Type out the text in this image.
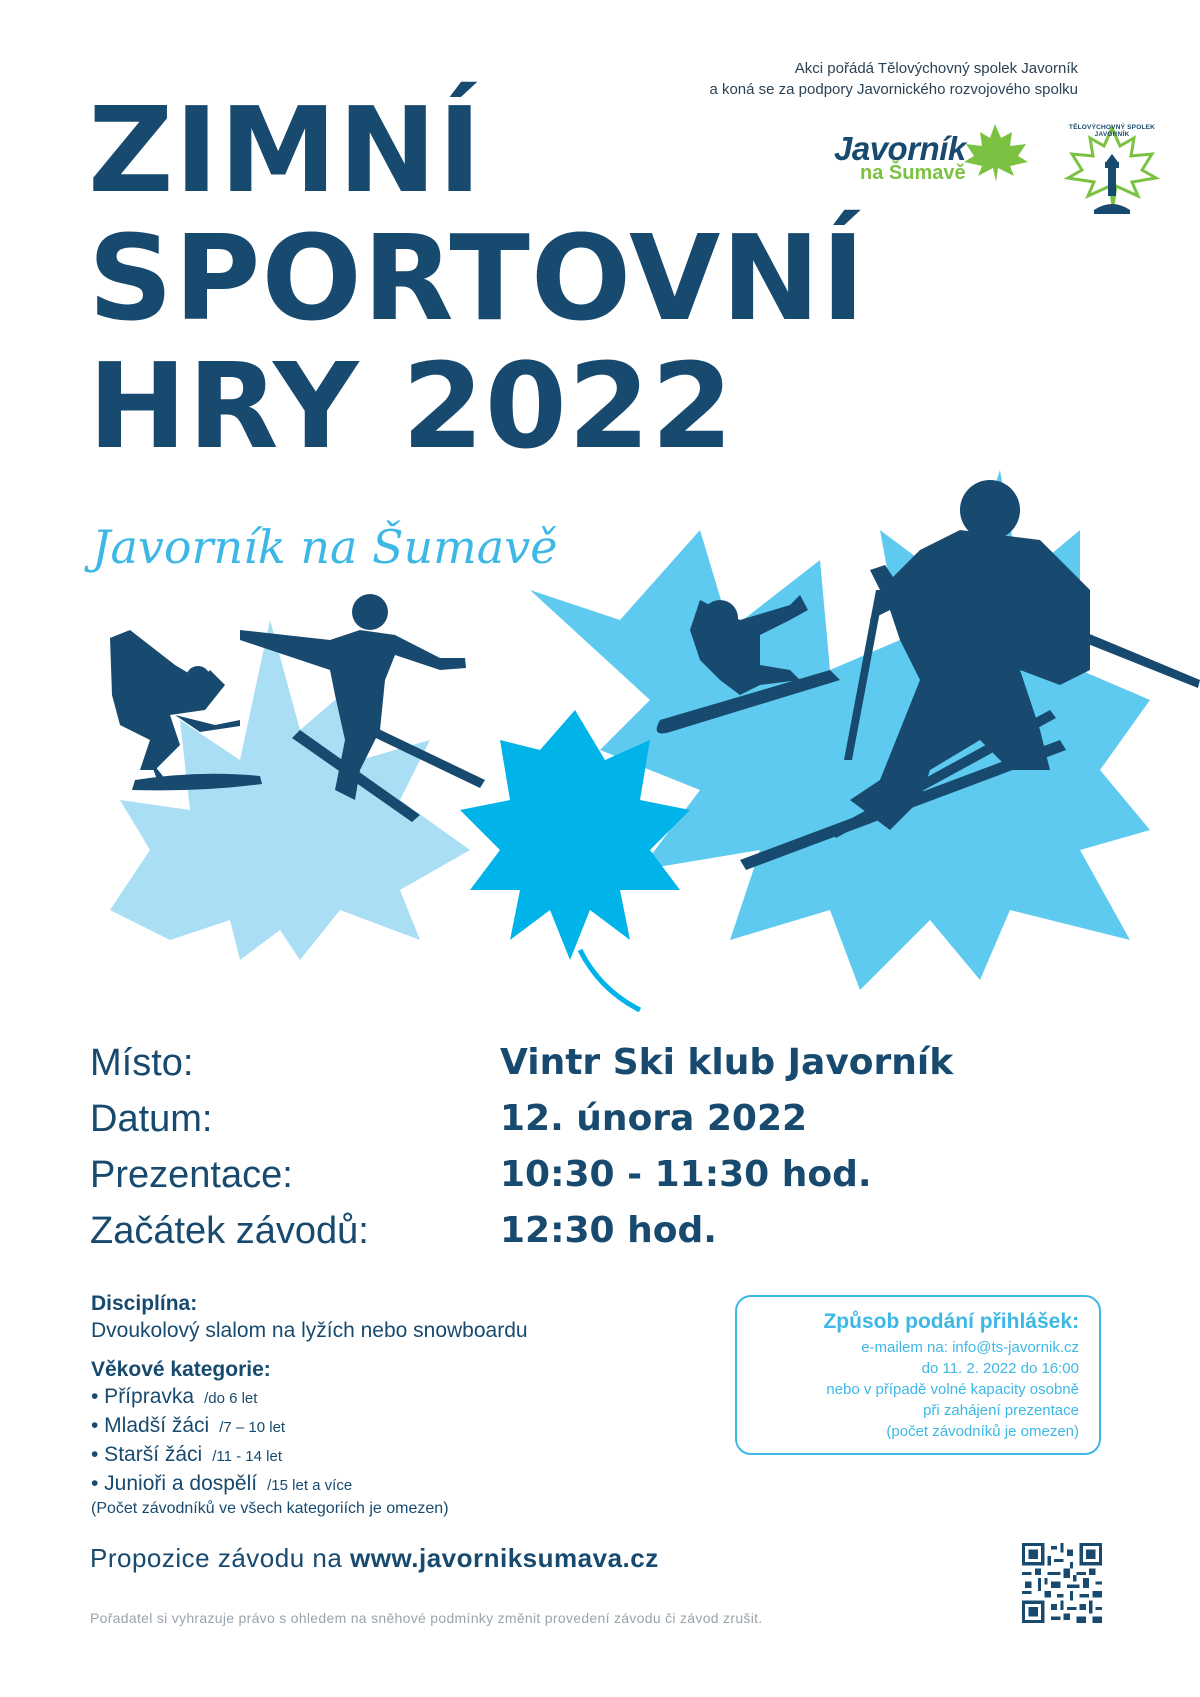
Akci pořádá Tělovýchovný spolek Javorník
a koná se za podpory Javornického rozvojového spolku
Javorník
na Šumavě
TĚLOVÝCHOVNÝ SPOLEK JAVORNÍK
ZIMNÍ
SPORTOVNÍ
HRY 2022
Javorník na Šumavě
Místo:	Vintr Ski klub Javorník
Datum:	12. února 2022
Prezentace:	10:30 - 11:30 hod.
Začátek závodů:	12:30 hod.
Disciplína:
Dvoukolový slalom na lyžích nebo snowboardu
Věkové kategorie:
• Přípravka /do 6 let
• Mladší žáci /7 – 10 let
• Starší žáci /11 - 14 let
• Junioři a dospělí /15 let a více
(Počet závodníků ve všech kategoriích je omezen)
Způsob podání přihlášek:
e-mailem na: info@ts-javornik.cz
do 11. 2. 2022 do 16:00
nebo v případě volné kapacity osobně
při zahájení prezentace
(počet závodníků je omezen)
Propozice závodu na www.javorniksumava.cz
Pořadatel si vyhrazuje právo s ohledem na sněhové podmínky změnit provedení závodu či závod zrušit.
